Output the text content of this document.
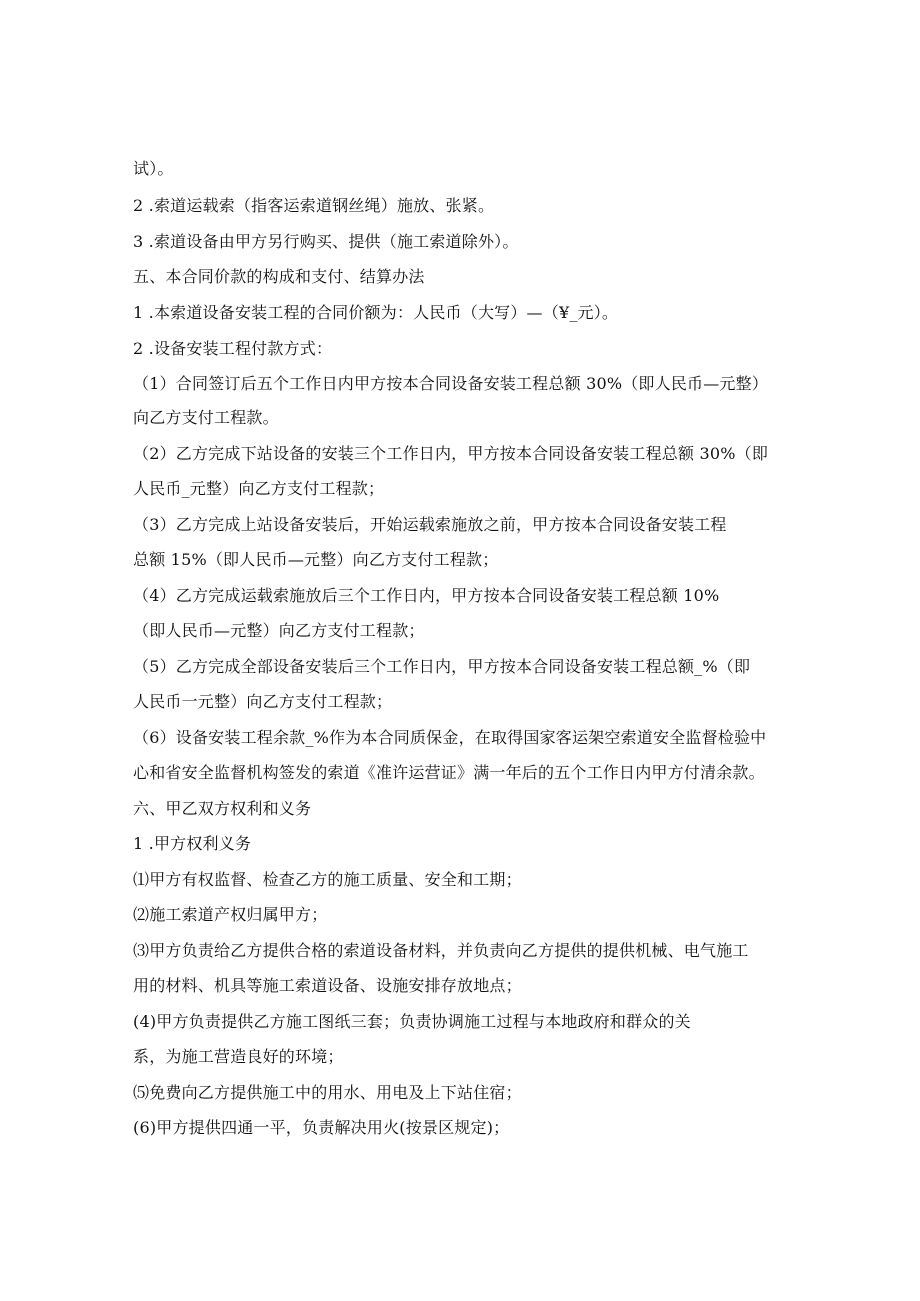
试）。
2 .索道运载索（指客运索道钢丝绳）施放、张紧。
3 .索道设备由甲方另行购买、提供（施工索道除外）。
五、本合同价款的构成和支付、结算办法
1 .本索道设备安装工程的合同价额为：人民币（大写）—（¥_元）。
2 .设备安装工程付款方式：
（1）合同签订后五个工作日内甲方按本合同设备安装工程总额 30%（即人民币—元整）
向乙方支付工程款。
（2）乙方完成下站设备的安装三个工作日内，甲方按本合同设备安装工程总额 30%（即
人民币_元整）向乙方支付工程款；
（3）乙方完成上站设备安装后，开始运载索施放之前，甲方按本合同设备安装工程
总额 15%（即人民币—元整）向乙方支付工程款；
（4）乙方完成运载索施放后三个工作日内，甲方按本合同设备安装工程总额 10%
（即人民币—元整）向乙方支付工程款；
（5）乙方完成全部设备安装后三个工作日内，甲方按本合同设备安装工程总额_%（即
人民币一元整）向乙方支付工程款；
（6）设备安装工程余款_%作为本合同质保金，在取得国家客运架空索道安全监督检验中
心和省安全监督机构签发的索道《准许运营证》满一年后的五个工作日内甲方付清余款。
六、甲乙双方权利和义务
1 .甲方权利义务
⑴甲方有权监督、检查乙方的施工质量、安全和工期；
⑵施工索道产权归属甲方；
⑶甲方负责给乙方提供合格的索道设备材料，并负责向乙方提供的提供机械、电气施工
用的材料、机具等施工索道设备、设施安排存放地点；
(4)甲方负责提供乙方施工图纸三套；负责协调施工过程与本地政府和群众的关
系，为施工营造良好的环境；
⑸免费向乙方提供施工中的用水、用电及上下站住宿；
(6)甲方提供四通一平，负责解决用火(按景区规定)；
